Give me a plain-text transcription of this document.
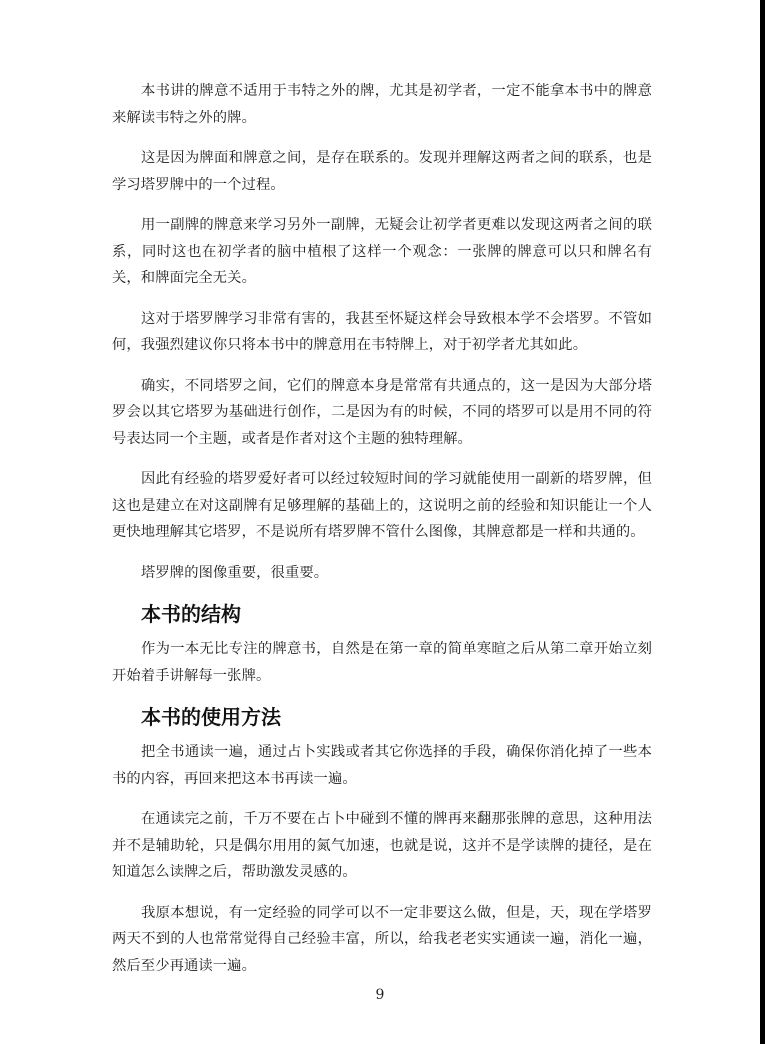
本书讲的牌意不适用于韦特之外的牌，尤其是初学者，一定不能拿本书中的牌意来解读韦特之外的牌。

这是因为牌面和牌意之间，是存在联系的。发现并理解这两者之间的联系，也是学习塔罗牌中的一个过程。

用一副牌的牌意来学习另外一副牌，无疑会让初学者更难以发现这两者之间的联系，同时这也在初学者的脑中植根了这样一个观念：一张牌的牌意可以只和牌名有关，和牌面完全无关。

这对于塔罗牌学习非常有害的，我甚至怀疑这样会导致根本学不会塔罗。不管如何，我强烈建议你只将本书中的牌意用在韦特牌上，对于初学者尤其如此。

确实，不同塔罗之间，它们的牌意本身是常常有共通点的，这一是因为大部分塔罗会以其它塔罗为基础进行创作，二是因为有的时候，不同的塔罗可以是用不同的符号表达同一个主题，或者是作者对这个主题的独特理解。

因此有经验的塔罗爱好者可以经过较短时间的学习就能使用一副新的塔罗牌，但这也是建立在对这副牌有足够理解的基础上的，这说明之前的经验和知识能让一个人更快地理解其它塔罗，不是说所有塔罗牌不管什么图像，其牌意都是一样和共通的。

塔罗牌的图像重要，很重要。

本书的结构

作为一本无比专注的牌意书，自然是在第一章的简单寒暄之后从第二章开始立刻开始着手讲解每一张牌。

本书的使用方法

把全书通读一遍，通过占卜实践或者其它你选择的手段，确保你消化掉了一些本书的内容，再回来把这本书再读一遍。

在通读完之前，千万不要在占卜中碰到不懂的牌再来翻那张牌的意思，这种用法并不是辅助轮，只是偶尔用用的氮气加速，也就是说，这并不是学读牌的捷径，是在知道怎么读牌之后，帮助激发灵感的。

我原本想说，有一定经验的同学可以不一定非要这么做，但是，天，现在学塔罗两天不到的人也常常觉得自己经验丰富，所以，给我老老实实通读一遍，消化一遍，然后至少再通读一遍。

9
